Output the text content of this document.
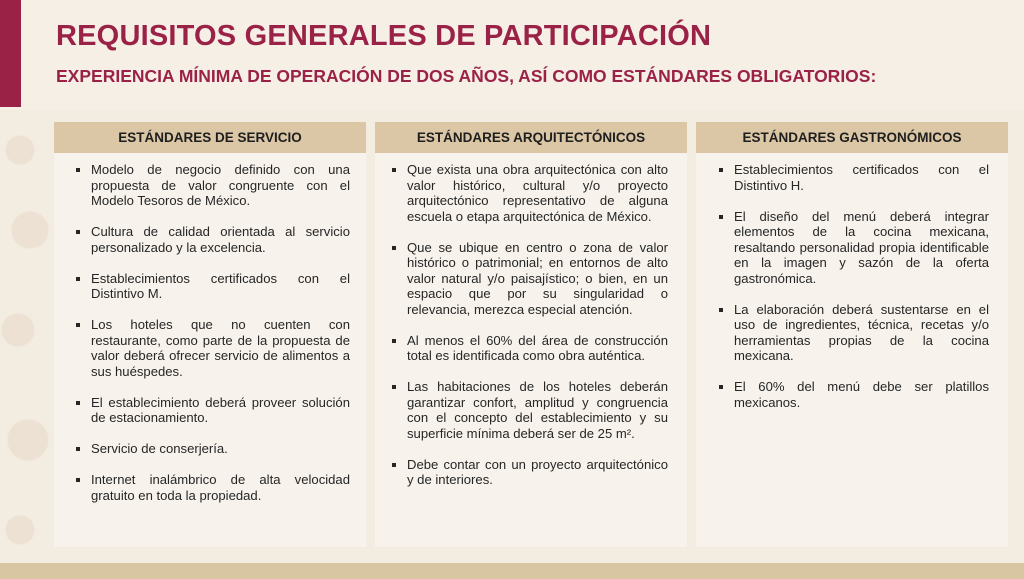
REQUISITOS GENERALES DE PARTICIPACIÓN
EXPERIENCIA MÍNIMA DE OPERACIÓN DE DOS AÑOS, ASÍ COMO ESTÁNDARES OBLIGATORIOS:
ESTÁNDARES DE SERVICIO
Modelo de negocio definido con una propuesta de valor congruente con el Modelo Tesoros de México.
Cultura de calidad orientada al servicio personalizado y la excelencia.
Establecimientos certificados con el Distintivo M.
Los hoteles que no cuenten con restaurante, como parte de la propuesta de valor deberá ofrecer servicio de alimentos a sus huéspedes.
El establecimiento deberá proveer solución de estacionamiento.
Servicio de conserjería.
Internet inalámbrico de alta velocidad gratuito en toda la propiedad.
ESTÁNDARES ARQUITECTÓNICOS
Que exista una obra arquitectónica con alto valor histórico, cultural y/o proyecto arquitectónico representativo de alguna escuela o etapa arquitectónica de México.
Que se ubique en centro o zona de valor histórico o patrimonial; en entornos de alto valor natural y/o paisajístico; o bien, en un espacio que por su singularidad o relevancia, merezca especial atención.
Al menos el 60% del área de construcción total es identificada como obra auténtica.
Las habitaciones de los hoteles deberán garantizar confort, amplitud y congruencia con el concepto del establecimiento y su superficie mínima deberá ser de 25 m².
Debe contar con un proyecto arquitectónico y de interiores.
ESTÁNDARES GASTRONÓMICOS
Establecimientos certificados con el Distintivo H.
El diseño del menú deberá integrar elementos de la cocina mexicana, resaltando personalidad propia identificable en la imagen y sazón de la oferta gastronómica.
La elaboración deberá sustentarse en el uso de ingredientes, técnica, recetas y/o herramientas propias de la cocina mexicana.
El 60% del menú debe ser platillos mexicanos.
